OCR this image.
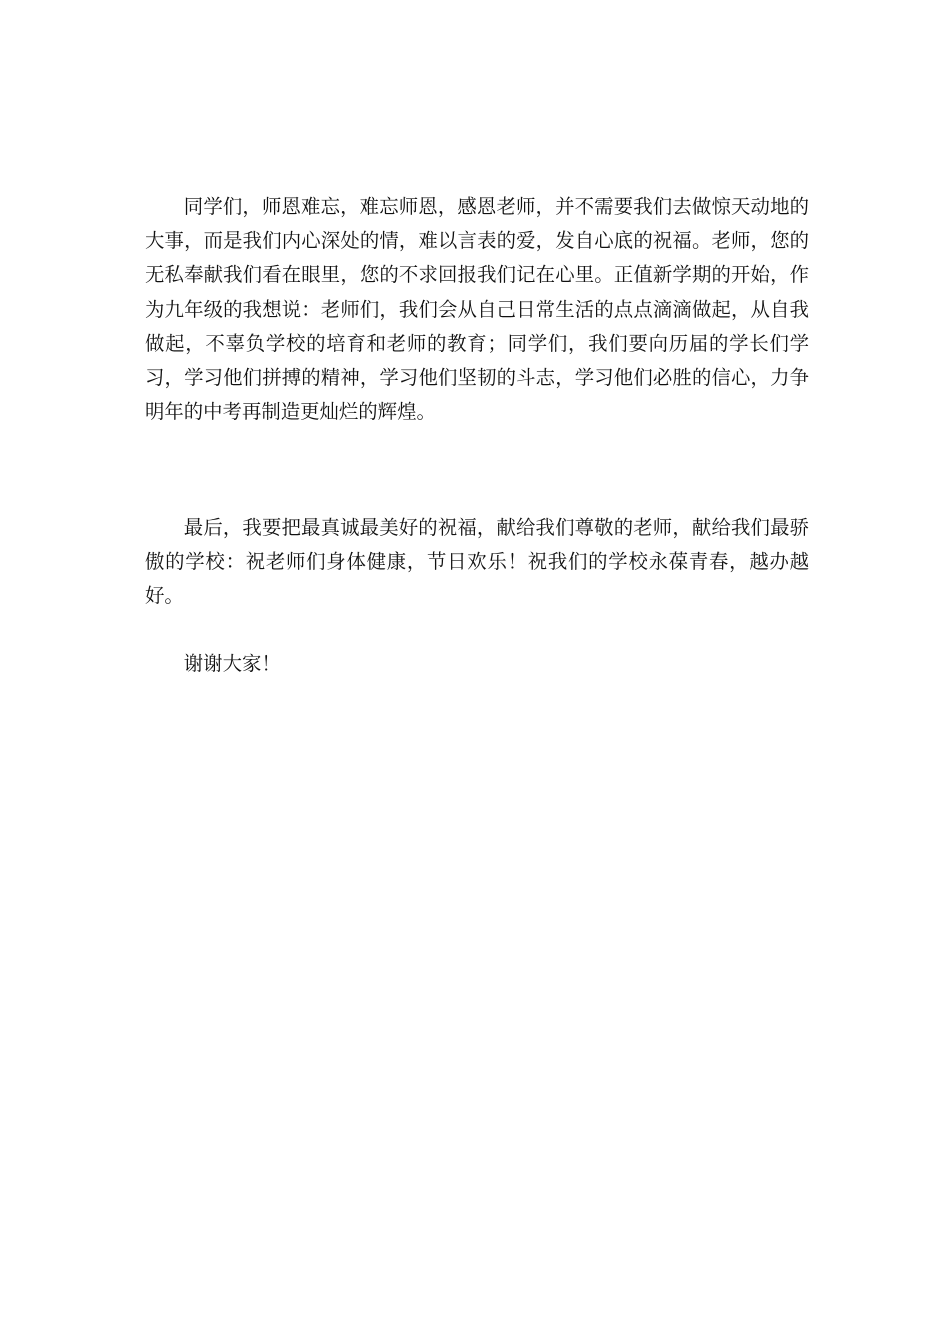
同学们，师恩难忘，难忘师恩，感恩老师，并不需要我们去做惊天动地的大事，而是我们内心深处的情，难以言表的爱，发自心底的祝福。老师，您的无私奉献我们看在眼里，您的不求回报我们记在心里。正值新学期的开始，作为九年级的我想说：老师们，我们会从自己日常生活的点点滴滴做起，从自我做起，不辜负学校的培育和老师的教育；同学们，我们要向历届的学长们学习，学习他们拼搏的精神，学习他们坚韧的斗志，学习他们必胜的信心，力争明年的中考再制造更灿烂的辉煌。

最后，我要把最真诚最美好的祝福，献给我们尊敬的老师，献给我们最骄傲的学校：祝老师们身体健康，节日欢乐！祝我们的学校永葆青春，越办越好。

谢谢大家！
